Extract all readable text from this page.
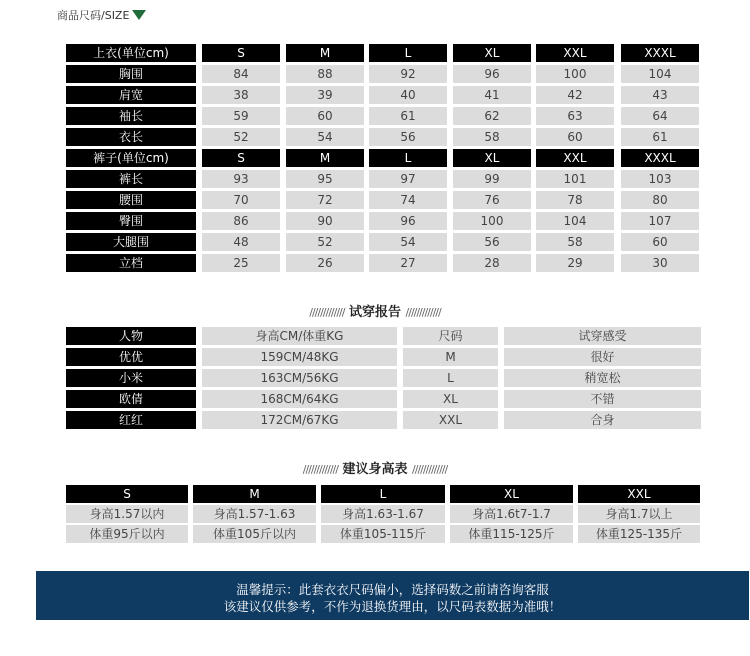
商品尺码/SIZE
上衣(单位cm)	S	M	L	XL	XXL	XXXL
胸围	84	88	92	96	100	104
肩宽	38	39	40	41	42	43
袖长	59	60	61	62	63	64
衣长	52	54	56	58	60	61
裤子(单位cm)	S	M	L	XL	XXL	XXXL
裤长	93	95	97	99	101	103
腰围	70	72	74	76	78	80
臀围	86	90	96	100	104	107
大腿围	48	52	54	56	58	60
立档	25	26	27	28	29	30
///////////// 试穿报告 /////////////
人物	身高CM/体重KG	尺码	试穿感受
优优	159CM/48KG	M	很好
小米	163CM/56KG	L	稍宽松
欧倩	168CM/64KG	XL	不错
红红	172CM/67KG	XXL	合身
///////////// 建议身高表 /////////////
S	M	L	XL	XXL
身高1.57以内	身高1.57-1.63	身高1.63-1.67	身高1.6t7-1.7	身高1.7以上
体重95斤以内	体重105斤以内	体重105-115斤	体重115-125斤	体重125-135斤
温馨提示：此套衣衣尺码偏小，选择码数之前请咨询客服
该建议仅供参考，不作为退换货理由，以尺码表数据为准哦！
